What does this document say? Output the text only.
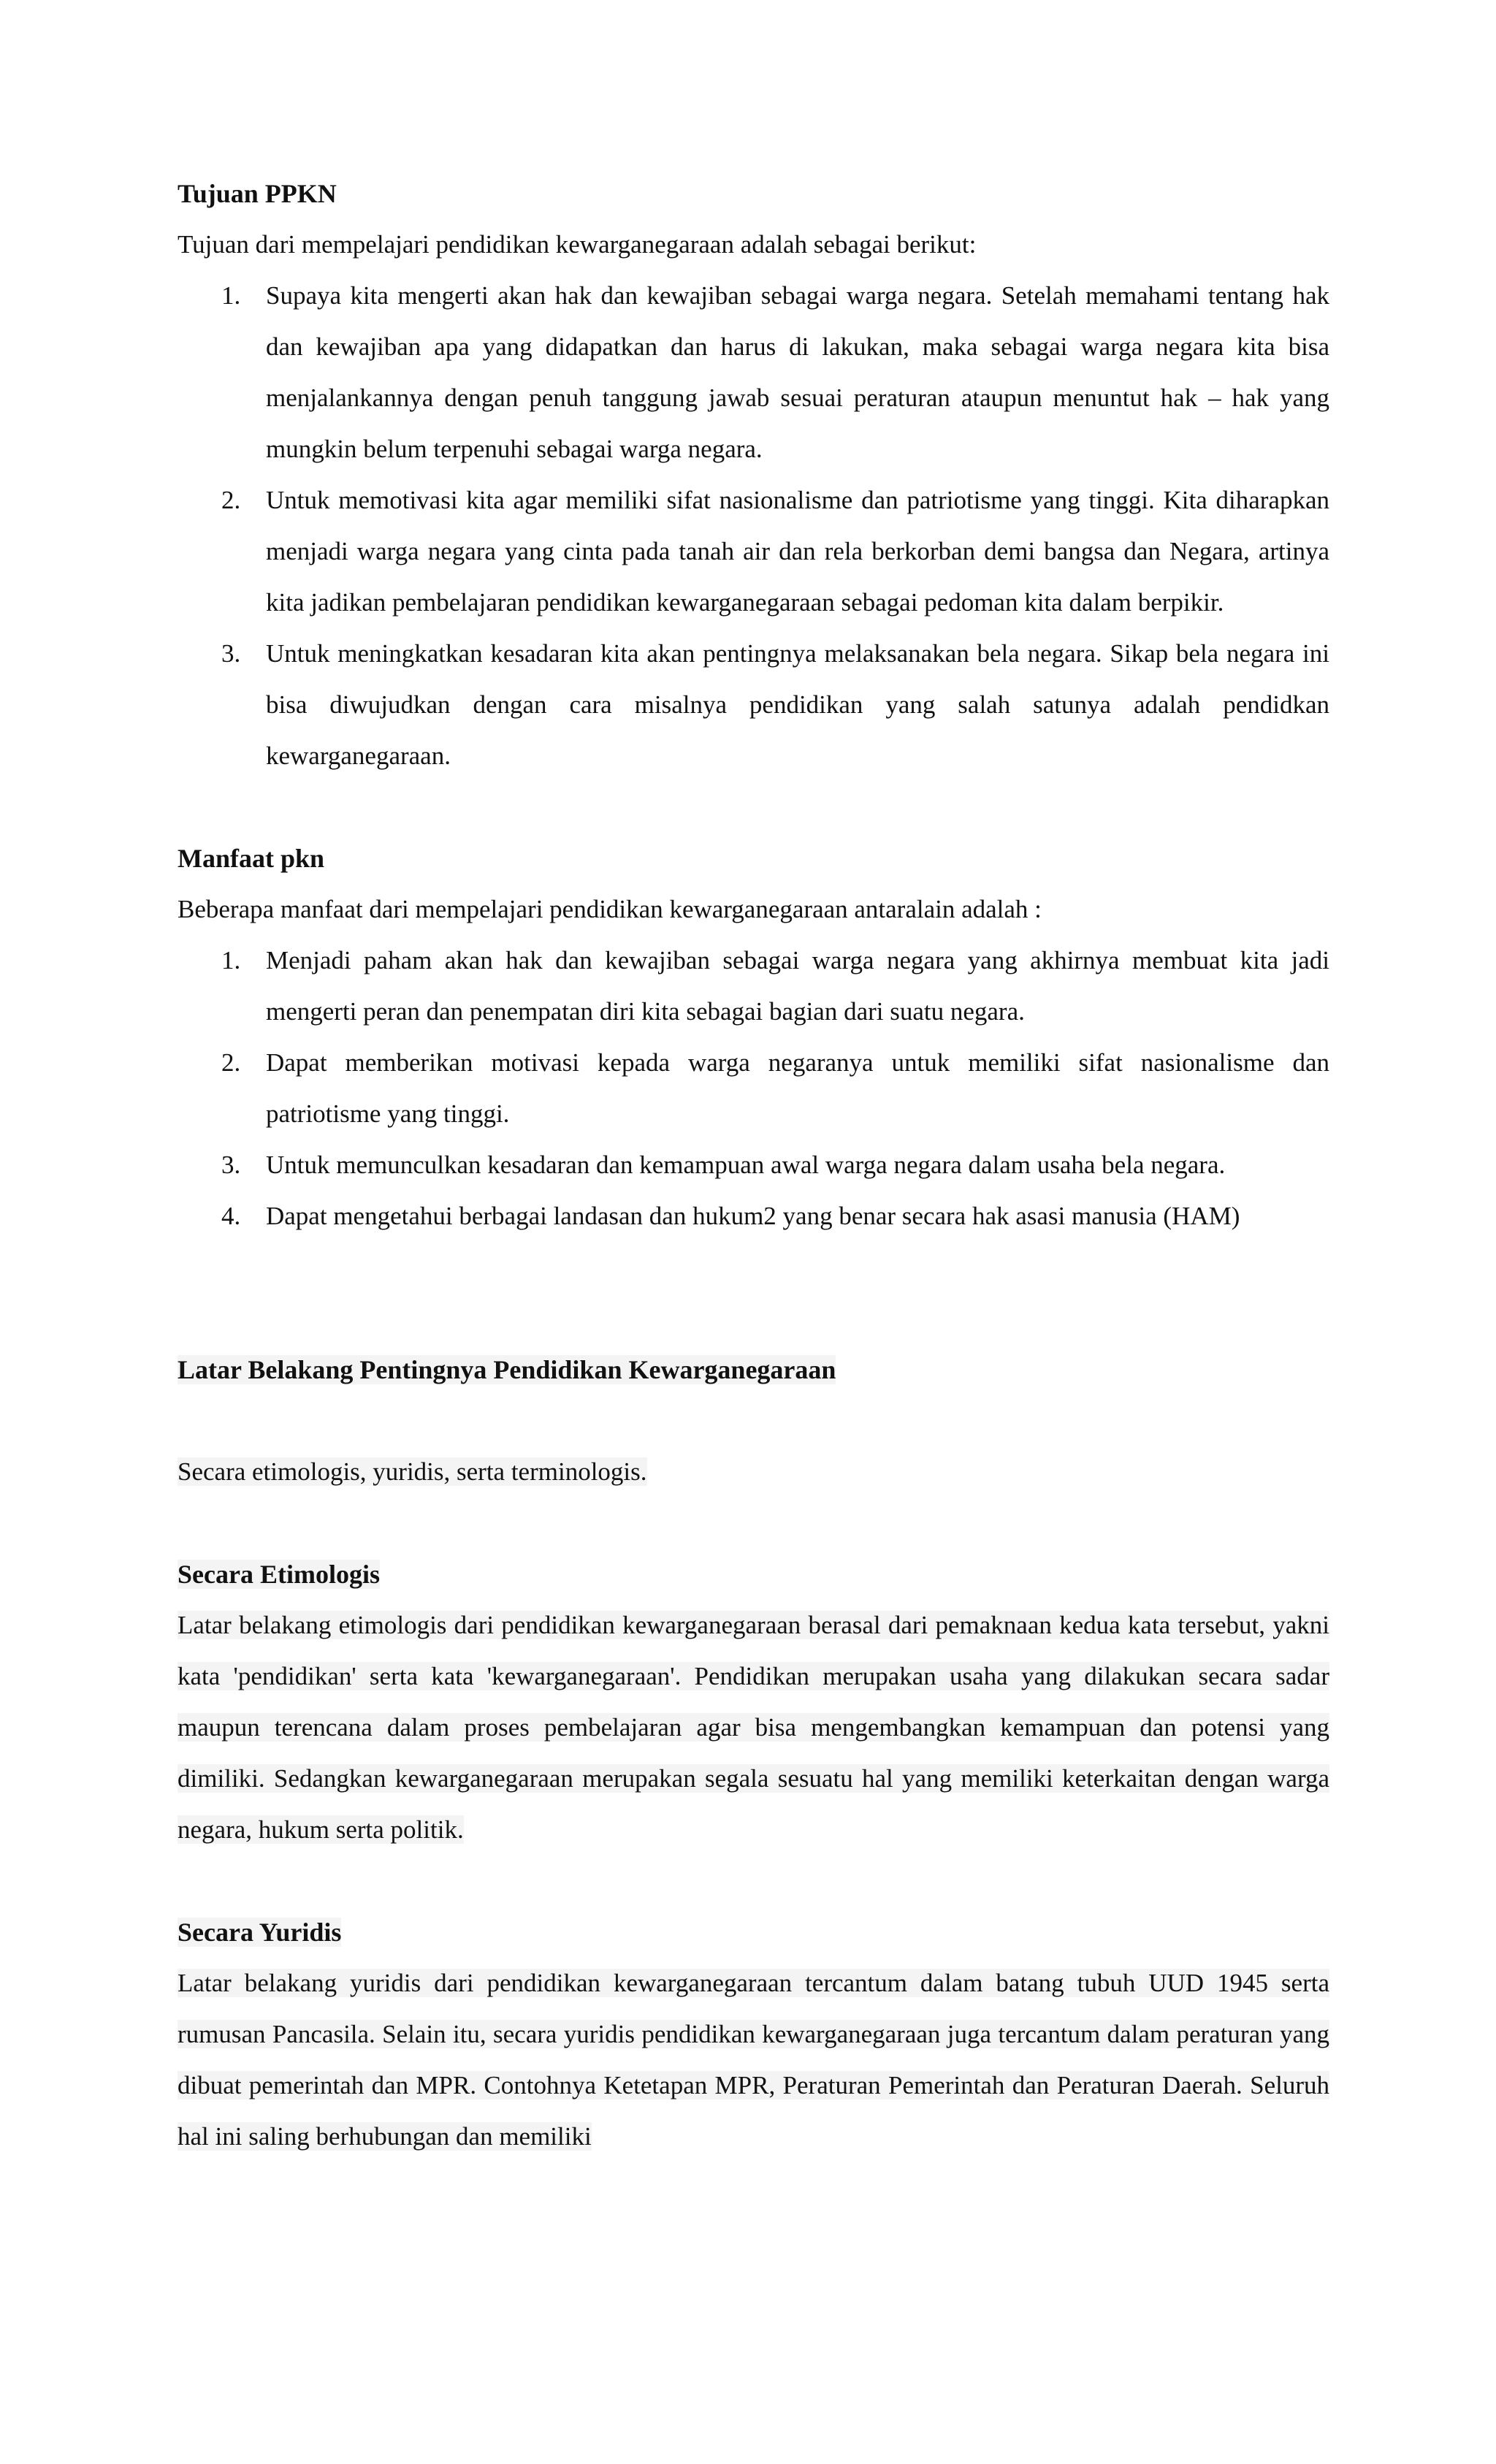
Tujuan PPKN

Tujuan dari mempelajari pendidikan kewarganegaraan adalah sebagai berikut:

1. Supaya kita mengerti akan hak dan kewajiban sebagai warga negara. Setelah memahami tentang hak dan kewajiban apa yang didapatkan dan harus di lakukan, maka sebagai warga negara kita bisa menjalankannya dengan penuh tanggung jawab sesuai peraturan ataupun menuntut hak – hak yang mungkin belum terpenuhi sebagai warga negara.
2. Untuk memotivasi kita agar memiliki sifat nasionalisme dan patriotisme yang tinggi. Kita diharapkan menjadi warga negara yang cinta pada tanah air dan rela berkorban demi bangsa dan Negara, artinya kita jadikan pembelajaran pendidikan kewarganegaraan sebagai pedoman kita dalam berpikir.
3. Untuk meningkatkan kesadaran kita akan pentingnya melaksanakan bela negara. Sikap bela negara ini bisa diwujudkan dengan cara misalnya pendidikan yang salah satunya adalah pendidkan kewarganegaraan.

Manfaat pkn

Beberapa manfaat dari mempelajari pendidikan kewarganegaraan antaralain adalah :

1. Menjadi paham akan hak dan kewajiban sebagai warga negara yang akhirnya membuat kita jadi mengerti peran dan penempatan diri kita sebagai bagian dari suatu negara.
2. Dapat memberikan motivasi kepada warga negaranya untuk memiliki sifat nasionalisme dan patriotisme yang tinggi.
3. Untuk memunculkan kesadaran dan kemampuan awal warga negara dalam usaha bela negara.
4. Dapat mengetahui berbagai landasan dan hukum2 yang benar secara hak asasi manusia (HAM)

Latar Belakang Pentingnya Pendidikan Kewarganegaraan

Secara etimologis, yuridis, serta terminologis.

Secara Etimologis

Latar belakang etimologis dari pendidikan kewarganegaraan berasal dari pemaknaan kedua kata tersebut, yakni kata 'pendidikan' serta kata 'kewarganegaraan'. Pendidikan merupakan usaha yang dilakukan secara sadar maupun terencana dalam proses pembelajaran agar bisa mengembangkan kemampuan dan potensi yang dimiliki. Sedangkan kewarganegaraan merupakan segala sesuatu hal yang memiliki keterkaitan dengan warga negara, hukum serta politik.

Secara Yuridis

Latar belakang yuridis dari pendidikan kewarganegaraan tercantum dalam batang tubuh UUD 1945 serta rumusan Pancasila. Selain itu, secara yuridis pendidikan kewarganegaraan juga tercantum dalam peraturan yang dibuat pemerintah dan MPR. Contohnya Ketetapan MPR, Peraturan Pemerintah dan Peraturan Daerah. Seluruh hal ini saling berhubungan dan memiliki
